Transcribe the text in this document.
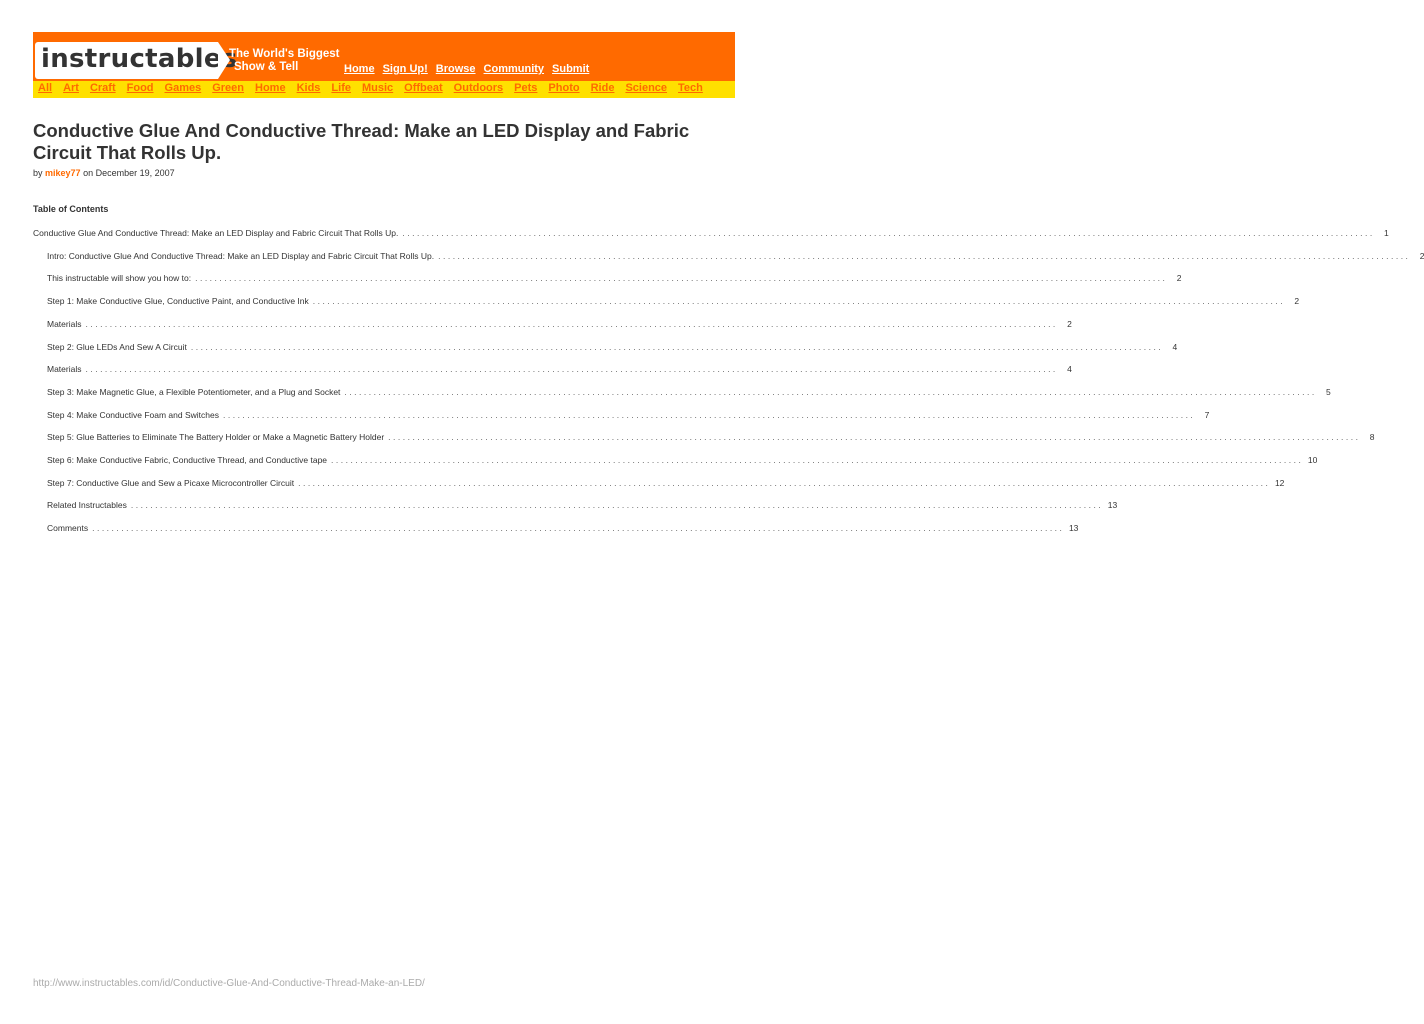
instructables
The World's Biggest
Show & Tell	Home Sign Up! Browse Community Submit
All Art Craft Food Games Green Home Kids Life Music Offbeat Outdoors Pets Photo Ride Science Tech
Conductive Glue And Conductive Thread: Make an LED Display and Fabric Circuit That Rolls Up.
by mikey77 on December 19, 2007
Table of Contents
Conductive Glue And Conductive Thread: Make an LED Display and Fabric Circuit That Rolls Up. ........................................................................................................................................................................................................	1
Intro: Conductive Glue And Conductive Thread: Make an LED Display and Fabric Circuit That Rolls Up. ........................................................................................................................................................................................................	2
This instructable will show you how to: ........................................................................................................................................................................................................	2
Step 1: Make Conductive Glue, Conductive Paint, and Conductive Ink ........................................................................................................................................................................................................	2
Materials ........................................................................................................................................................................................................	2
Step 2: Glue LEDs And Sew A Circuit ........................................................................................................................................................................................................	4
Materials ........................................................................................................................................................................................................	4
Step 3: Make Magnetic Glue, a Flexible Potentiometer, and a Plug and Socket ........................................................................................................................................................................................................	5
Step 4: Make Conductive Foam and Switches ........................................................................................................................................................................................................	7
Step 5: Glue Batteries to Eliminate The Battery Holder or Make a Magnetic Battery Holder ........................................................................................................................................................................................................	8
Step 6: Make Conductive Fabric, Conductive Thread, and Conductive tape ........................................................................................................................................................................................................ 10
Step 7: Conductive Glue and Sew a Picaxe Microcontroller Circuit ........................................................................................................................................................................................................ 12
Related Instructables ........................................................................................................................................................................................................ 13
Comments ........................................................................................................................................................................................................ 13
http://www.instructables.com/id/Conductive-Glue-And-Conductive-Thread-Make-an-LED/
